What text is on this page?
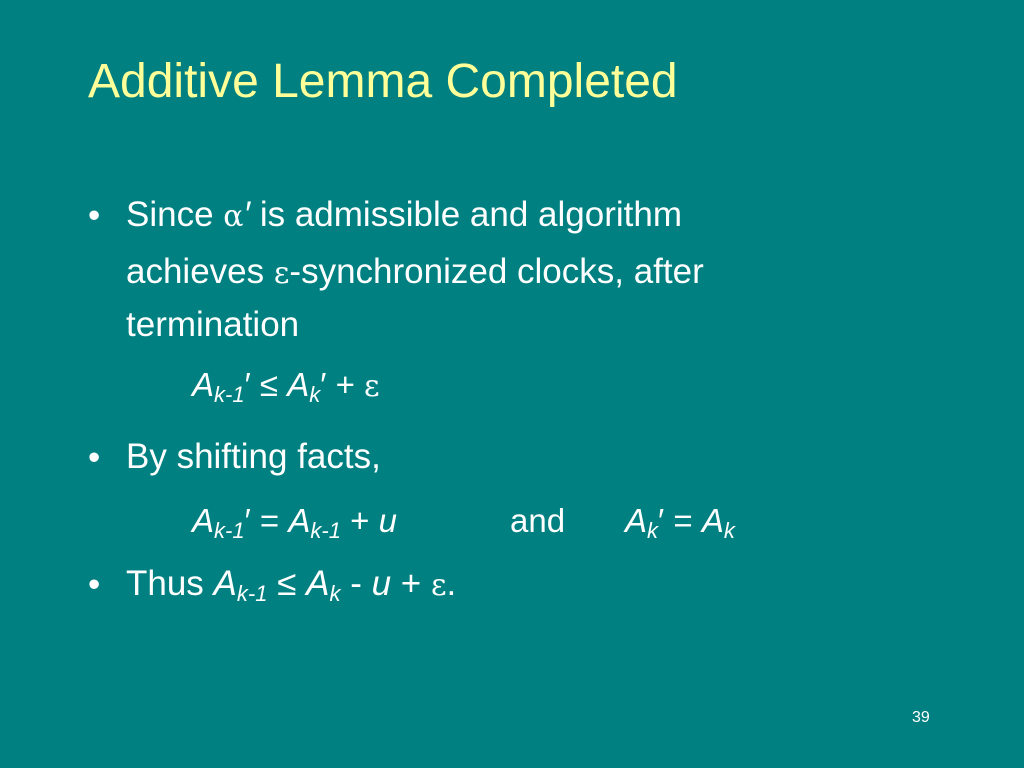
Additive Lemma Completed
• Since α′ is admissible and algorithm
achieves ε-synchronized clocks, after
termination
$A_{k-1}' \le A_k' + \varepsilon$
• By shifting facts,
$A_{k-1}' = A_{k-1} + u$	and $A_k' = A_k$
• Thus $A_{k-1} \le A_k - u + \varepsilon$.
39
